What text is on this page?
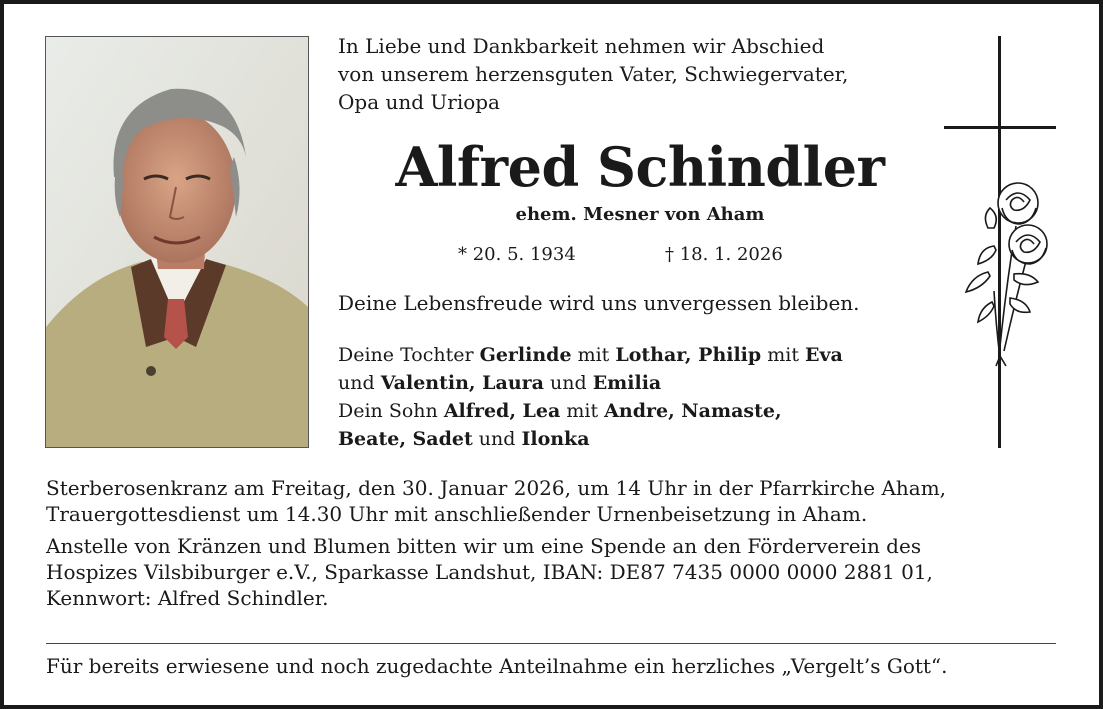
In Liebe und Dankbarkeit nehmen wir Abschied
von unserem herzensguten Vater, Schwiegervater,
Opa und Uriopa
Alfred Schindler
ehem. Mesner von Aham
* 20. 5. 1934	† 18. 1. 2026
Deine Lebensfreude wird uns unvergessen bleiben.
Deine Tochter Gerlinde mit Lothar, Philip mit Eva
und Valentin, Laura und Emilia
Dein Sohn Alfred, Lea mit Andre, Namaste,
Beate, Sadet und Ilonka

Sterberosenkranz am Freitag, den 30. Januar 2026, um 14 Uhr in der Pfarrkirche Aham,
Trauergottesdienst um 14.30 Uhr mit anschließender Urnenbeisetzung in Aham.

Anstelle von Kränzen und Blumen bitten wir um eine Spende an den Förderverein des
Hospizes Vilsbiburger e.V., Sparkasse Landshut, IBAN: DE87 7435 0000 0000 2881 01,
Kennwort: Alfred Schindler.

Für bereits erwiesene und noch zugedachte Anteilnahme ein herzliches „Vergelt’s Gott“.
